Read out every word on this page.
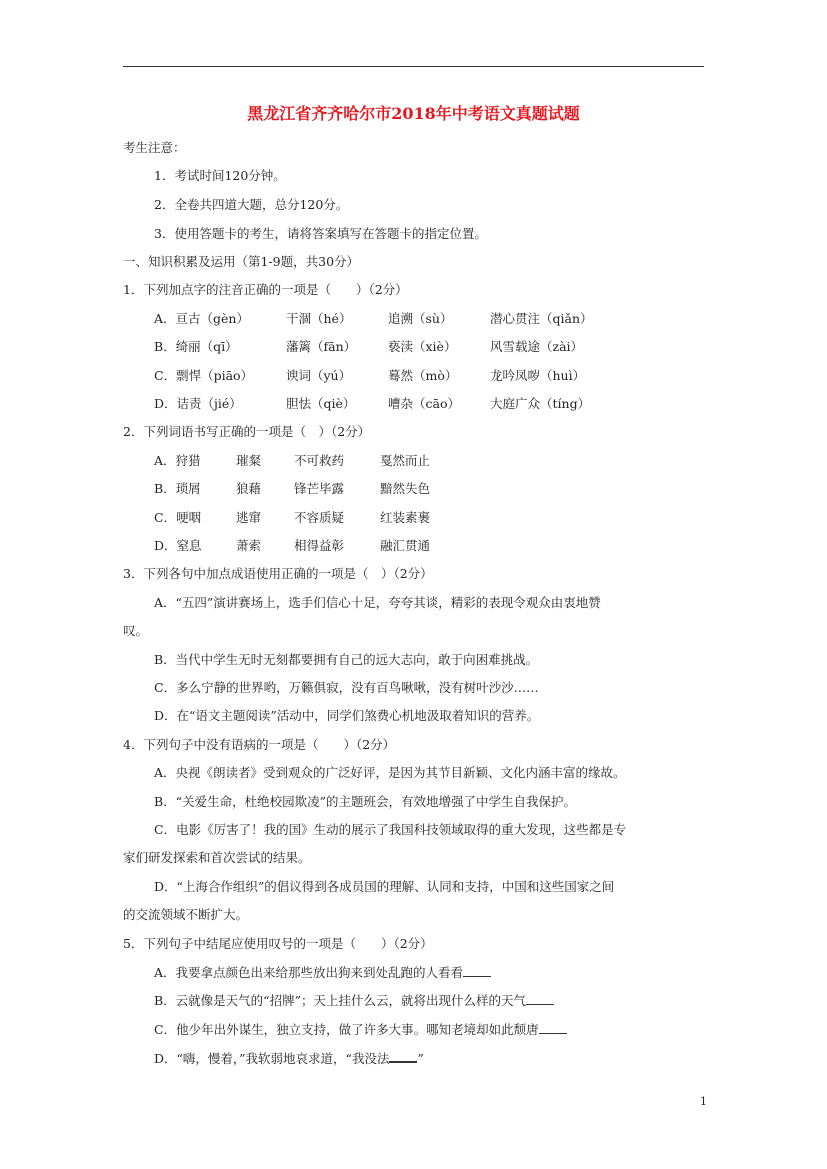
黑龙江省齐齐哈尔市2018年中考语文真题试题
考生注意：
1．考试时间120分钟。
2．全卷共四道大题，总分120分。
3．使用答题卡的考生，请将答案填写在答题卡的指定位置。
一、知识积累及运用（第1-9题，共30分）
1．下列加点字的注音正确的一项是（　　）（2分）
A．亘古（gèn）	干涸（hé）	追溯（sù）	潜心贯注（qiǎn）
B．绮丽（qī）	藩篱（fān）	亵渎（xiè）	风雪载途（zài）
C．剽悍（piāo）	谀词（yú）	蓦然（mò）	龙吟凤哕（huì）
D．诘责（jié）	胆怯（qiè）	嘈杂（cāo） 大庭广众（tíng）
2．下列词语书写正确的一项是（　）（2分）
A．狩猎	璀粲	不可救药	戛然而止
B．琐屑	狼藉	锋芒毕露	黯然失色
C．哽咽	逃窜	不容质疑	红装素裹
D．窒息	萧索	相得益彰	融汇贯通
3．下列各句中加点成语使用正确的一项是（　）（2分）
A．“五四”演讲赛场上，选手们信心十足，夸夸其谈，精彩的表现令观众由衷地赞
叹。
B．当代中学生无时无刻都要拥有自己的远大志向，敢于向困难挑战。
C．多么宁静的世界哟，万籁俱寂，没有百鸟啾啾，没有树叶沙沙……
D．在“语文主题阅读”活动中，同学们煞费心机地汲取着知识的营养。
4．下列句子中没有语病的一项是（　　）（2分）
A．央视《朗读者》受到观众的广泛好评，是因为其节目新颖、文化内涵丰富的缘故。
B．“关爱生命，杜绝校园欺凌”的主题班会，有效地增强了中学生自我保护。
C．电影《厉害了！我的国》生动的展示了我国科技领域取得的重大发现，这些都是专
家们研发探索和首次尝试的结果。
D．“上海合作组织”的倡议得到各成员国的理解、认同和支持，中国和这些国家之间
的交流领域不断扩大。
5．下列句子中结尾应使用叹号的一项是（　　）（2分）
A．我要拿点颜色出来给那些放出狗来到处乱跑的人看看
B．云就像是天气的“招牌”；天上挂什么云，就将出现什么样的天气
C．他少年出外谋生，独立支持，做了许多大事。哪知老境却如此颓唐
D．“嗨，慢着，”我软弱地哀求道，“我没法 ”
1
